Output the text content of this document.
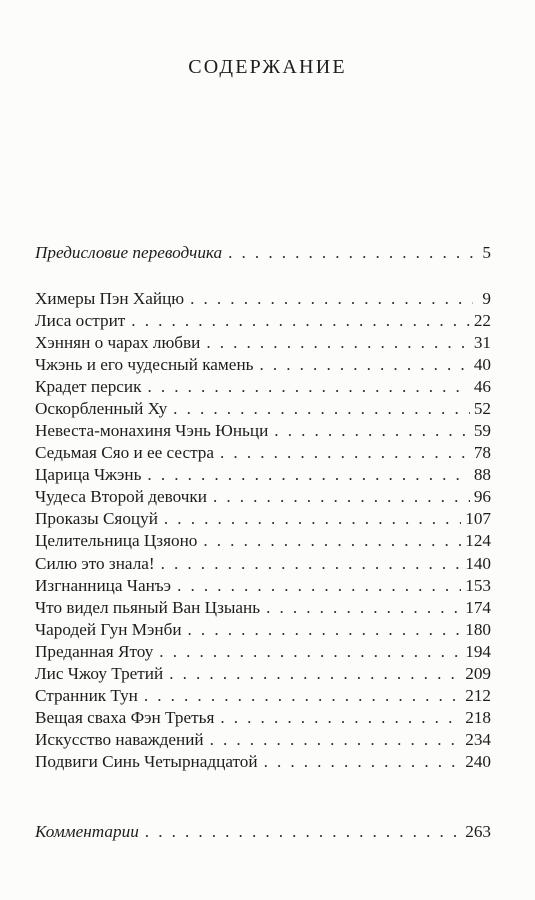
СОДЕРЖАНИЕ
Предисловие переводчика . . .	5
Химеры Пэн Хайцю . . .	9
Лиса острит . . .	22
Хэннян о чарах любви . . .	31
Чжэнь и его чудесный камень . . .	40
Крадет персик . . .	46
Оскорбленный Ху . . .	52
Невеста-монахиня Чэнь Юньци . . .	59
Седьмая Сяо и ее сестра . . .	78
Царица Чжэнь . . .	88
Чудеса Второй девочки . . .	96
Проказы Сяоцуй . . .	107
Целительница Цзяоно . . .	124
Силю это знала! . . .	140
Изгнанница Чанъэ . . .	153
Что видел пьяный Ван Цзыань . . .	174
Чародей Гун Мэнби . . .	180
Преданная Ятоу . . .	194
Лис Чжоу Третий . . .	209
Странник Тун . . .	212
Вещая сваха Фэн Третья . . .	218
Искусство наваждений . . .	234
Подвиги Синь Четырнадцатой . . .	240
Комментарии . . .	263
